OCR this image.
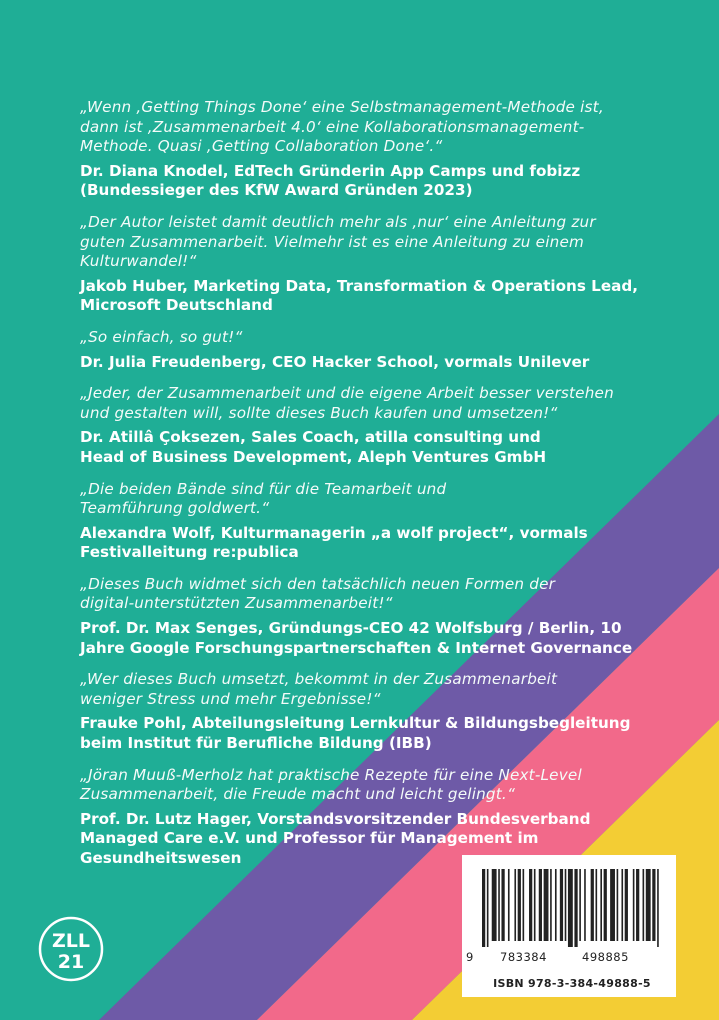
„Wenn ‚Getting Things Done‘ eine Selbstmanagement-Methode ist,
dann ist ‚Zusammenarbeit 4.0‘ eine Kollaborationsmanagement-
Methode. Quasi ‚Getting Collaboration Done‘.“

Dr. Diana Knodel, EdTech Gründerin App Camps und fobizz
(Bundessieger des KfW Award Gründen 2023)

„Der Autor leistet damit deutlich mehr als ‚nur‘ eine Anleitung zur
guten Zusammenarbeit. Vielmehr ist es eine Anleitung zu einem
Kulturwandel!“

Jakob Huber, Marketing Data, Transformation & Operations Lead,
Microsoft Deutschland

„So einfach, so gut!“

Dr. Julia Freudenberg, CEO Hacker School, vormals Unilever

„Jeder, der Zusammenarbeit und die eigene Arbeit besser verstehen
und gestalten will, sollte dieses Buch kaufen und umsetzen!“

Dr. Atillâ Çoksezen, Sales Coach, atilla consulting und
Head of Business Development, Aleph Ventures GmbH

„Die beiden Bände sind für die Teamarbeit und
Teamführung goldwert.“

Alexandra Wolf, Kulturmanagerin „a wolf project“, vormals
Festivalleitung re:publica

„Dieses Buch widmet sich den tatsächlich neuen Formen der
digital-unterstützten Zusammenarbeit!“

Prof. Dr. Max Senges, Gründungs-CEO 42 Wolfsburg / Berlin, 10
Jahre Google Forschungspartnerschaften & Internet Governance

„Wer dieses Buch umsetzt, bekommt in der Zusammenarbeit
weniger Stress und mehr Ergebnisse!“

Frauke Pohl, Abteilungsleitung Lernkultur & Bildungsbegleitung
beim Institut für Berufliche Bildung (IBB)

„Jöran Muuß-Merholz hat praktische Rezepte für eine Next-Level
Zusammenarbeit, die Freude macht und leicht gelingt.“

Prof. Dr. Lutz Hager, Vorstandsvorsitzender Bundesverband
Managed Care e.V. und Professor für Management im
Gesundheitswesen

9 783384	498885
ISBN 978-3-384-49888-5
ZLL
21
